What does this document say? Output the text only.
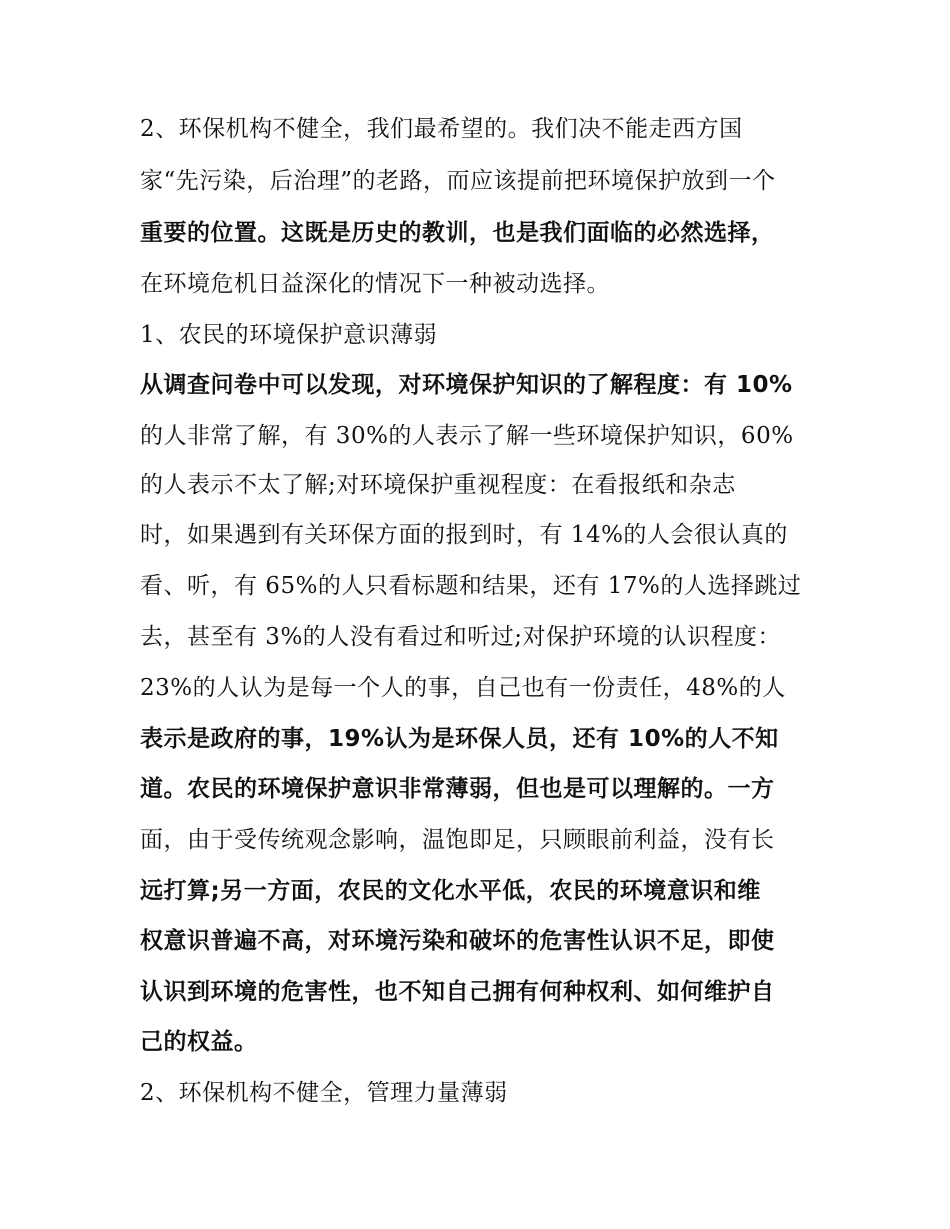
2、环保机构不健全，我们最希望的。我们决不能走西方国
家“先污染，后治理”的老路，而应该提前把环境保护放到一个
重要的位置。这既是历史的教训，也是我们面临的必然选择，
在环境危机日益深化的情况下一种被动选择。
1、农民的环境保护意识薄弱
从调查问卷中可以发现，对环境保护知识的了解程度：有 10%
的人非常了解，有 30%的人表示了解一些环境保护知识，60%
的人表示不太了解;对环境保护重视程度：在看报纸和杂志
时，如果遇到有关环保方面的报到时，有 14%的人会很认真的
看、听，有 65%的人只看标题和结果，还有 17%的人选择跳过
去，甚至有 3%的人没有看过和听过;对保护环境的认识程度：
23%的人认为是每一个人的事，自己也有一份责任，48%的人
表示是政府的事，19%认为是环保人员，还有 10%的人不知
道。农民的环境保护意识非常薄弱，但也是可以理解的。一方
面，由于受传统观念影响，温饱即足，只顾眼前利益，没有长
远打算;另一方面，农民的文化水平低，农民的环境意识和维
权意识普遍不高，对环境污染和破坏的危害性认识不足，即使
认识到环境的危害性，也不知自己拥有何种权利、如何维护自
己的权益。
2、环保机构不健全，管理力量薄弱
